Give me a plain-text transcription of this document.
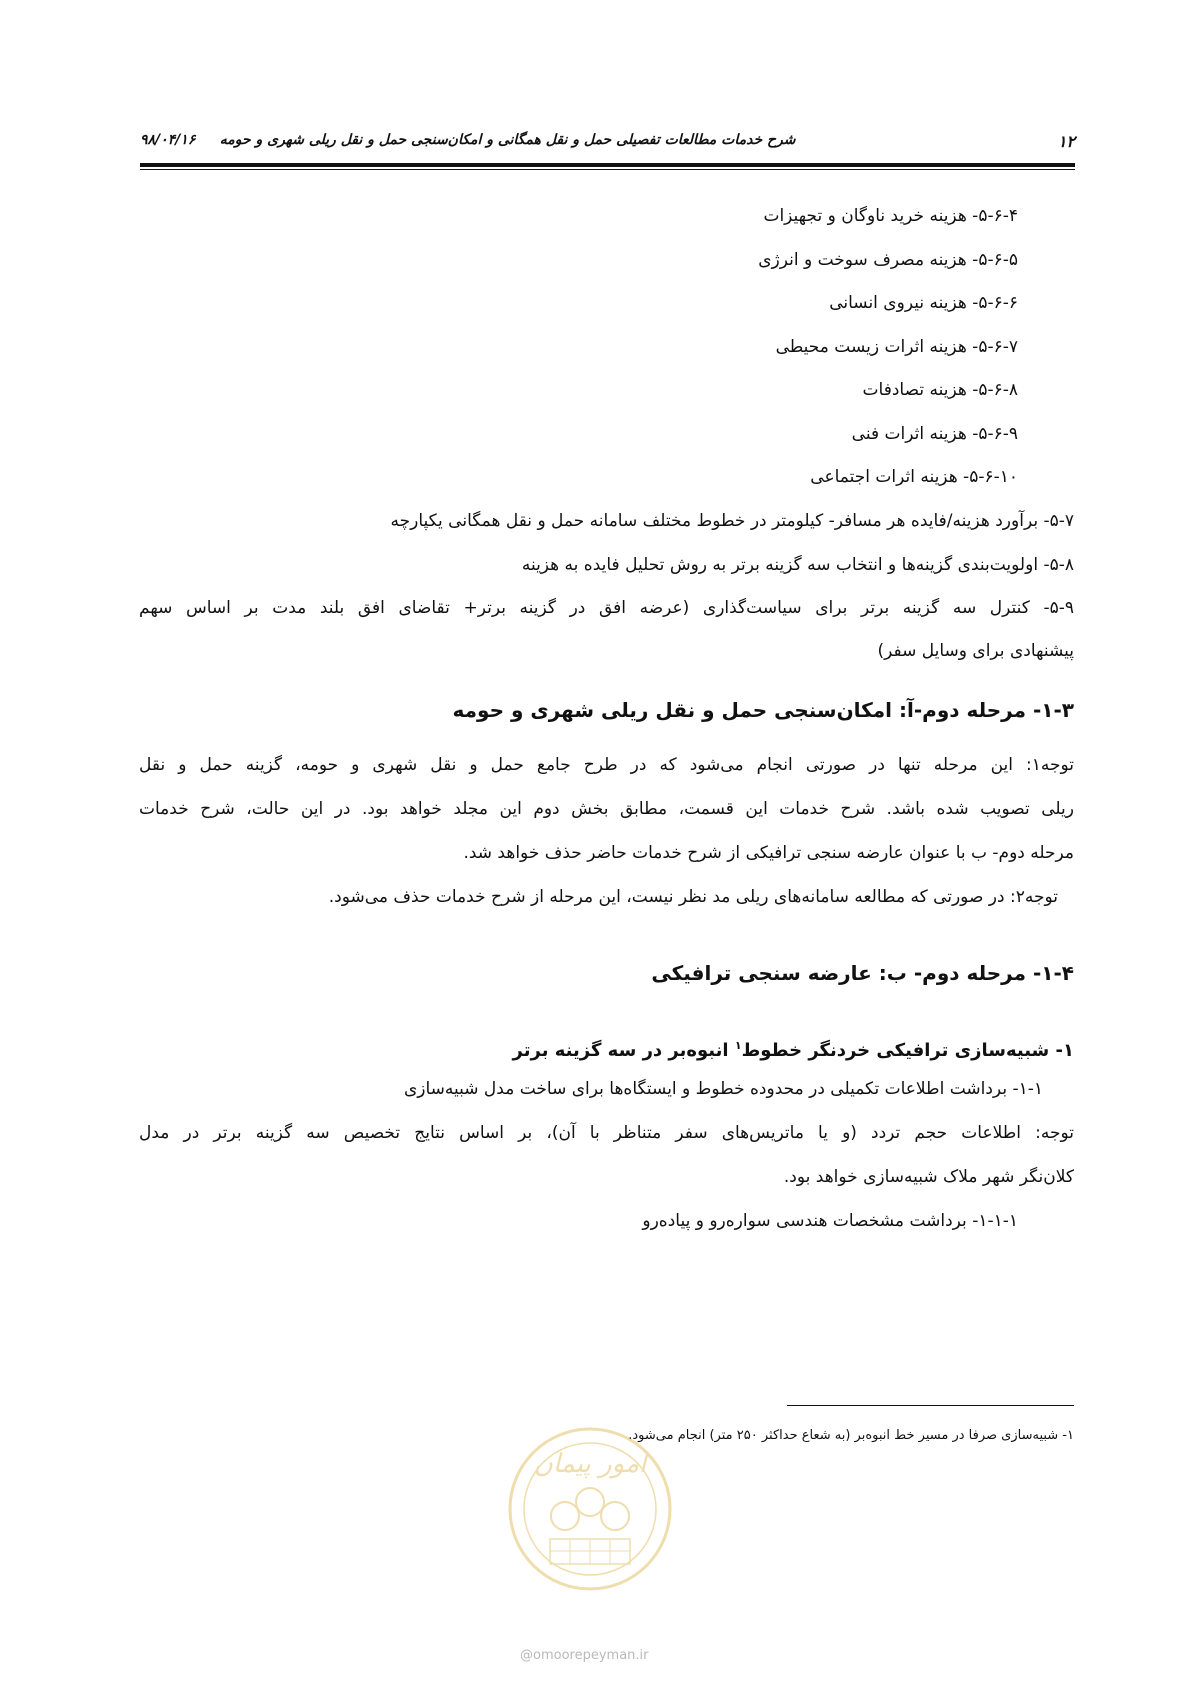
شرح خدمات مطالعات تفصیلی حمل و نقل همگانی و امکان‌سنجی حمل و نقل ریلی شهری و حومه     ۹۸/۰۴/۱۶	۱۲
۵-۶-۴- هزینه خرید ناوگان و تجهیزات
۵-۶-۵- هزینه مصرف سوخت و انرژی
۵-۶-۶- هزینه نیروی انسانی
۵-۶-۷- هزینه اثرات زیست محیطی
۵-۶-۸- هزینه تصادفات
۵-۶-۹- هزینه اثرات فنی
۵-۶-۱۰- هزینه اثرات اجتماعی
۵-۷- برآورد هزینه/فایده هر مسافر- کیلومتر در خطوط مختلف سامانه حمل و نقل همگانی یکپارچه
۵-۸- اولویت‌بندی گزینه‌ها و انتخاب سه گزینه برتر به روش تحلیل فایده به هزینه
۵-۹- کنترل سه گزینه برتر برای سیاست‌گذاری (عرضه افق در گزینه برتر+ تقاضای افق بلند مدت بر اساس سهم
پیشنهادی برای وسایل سفر)
۱-۳- مرحله دوم-آ: امکان‌سنجی حمل و نقل ریلی شهری و حومه
توجه۱: این مرحله تنها در صورتی انجام می‌شود که در طرح جامع حمل و نقل شهری و حومه، گزینه حمل و نقل
ریلی تصویب شده باشد. شرح خدمات این قسمت، مطابق بخش دوم این مجلد خواهد بود. در این حالت، شرح خدمات
مرحله دوم- ب با عنوان عارضه سنجی ترافیکی از شرح خدمات حاضر حذف خواهد شد.
توجه۲: در صورتی که مطالعه سامانه‌های ریلی مد نظر نیست، این مرحله از شرح خدمات حذف می‌شود.
۱-۴- مرحله دوم- ب: عارضه سنجی ترافیکی
۱- شبیه‌سازی ترافیکی خردنگر خطوط$^۱$ انبوه‌بر در سه گزینه برتر
۱-۱- برداشت اطلاعات تکمیلی در محدوده خطوط و ایستگاه‌ها برای ساخت مدل شبیه‌سازی
توجه: اطلاعات حجم تردد (و یا ماتریس‌های سفر متناظر با آن)، بر اساس نتایج تخصیص سه گزینه برتر در مدل
کلان‌نگر شهر ملاک شبیه‌سازی خواهد بود.
۱-۱-۱- برداشت مشخصات هندسی سواره‌رو و پیاده‌رو
۱- شبیه‌سازی صرفا در مسیر خط انبوه‌بر (به شعاع حداکثر ۲۵۰ متر) انجام می‌شود.
امور پیمان
@omoorepeyman.ir
